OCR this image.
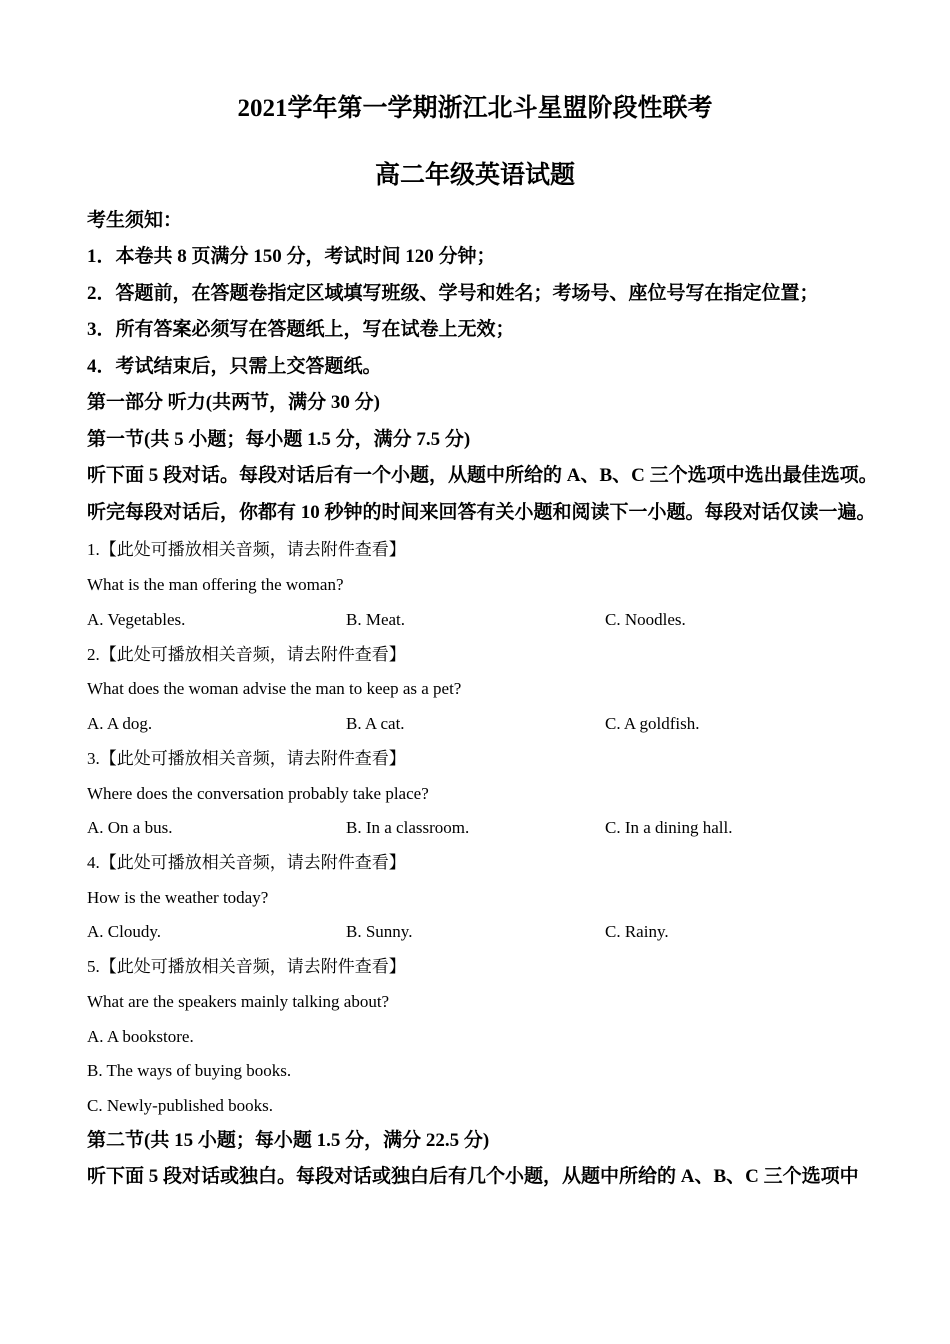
2021学年第一学期浙江北斗星盟阶段性联考
高二年级英语试题

考生须知：

1．本卷共 8 页满分 150 分，考试时间 120 分钟；

2．答题前，在答题卷指定区域填写班级、学号和姓名；考场号、座位号写在指定位置；

3．所有答案必须写在答题纸上，写在试卷上无效；

4．考试结束后，只需上交答题纸。

第一部分 听力(共两节，满分 30 分)

第一节(共 5 小题；每小题 1.5 分，满分 7.5 分)

听下面 5 段对话。每段对话后有一个小题，从题中所给的 A、B、C 三个选项中选出最佳选项。

听完每段对话后，你都有 10 秒钟的时间来回答有关小题和阅读下一小题。每段对话仅读一遍。

1.【此处可播放相关音频，请去附件查看】

What is the man offering the woman?

A. Vegetables.	B. Meat.	C. Noodles.

2.【此处可播放相关音频，请去附件查看】

What does the woman advise the man to keep as a pet?

A. A dog.	B. A cat.	C. A goldfish.

3.【此处可播放相关音频，请去附件查看】

Where does the conversation probably take place?

A. On a bus.	B. In a classroom.	C. In a dining hall.

4.【此处可播放相关音频，请去附件查看】

How is the weather today?

A. Cloudy.	B. Sunny.	C. Rainy.

5.【此处可播放相关音频，请去附件查看】

What are the speakers mainly talking about?

A. A bookstore.

B. The ways of buying books.

C. Newly-published books.

第二节(共 15 小题；每小题 1.5 分，满分 22.5 分)

听下面 5 段对话或独白。每段对话或独白后有几个小题，从题中所给的 A、B、C 三个选项中
